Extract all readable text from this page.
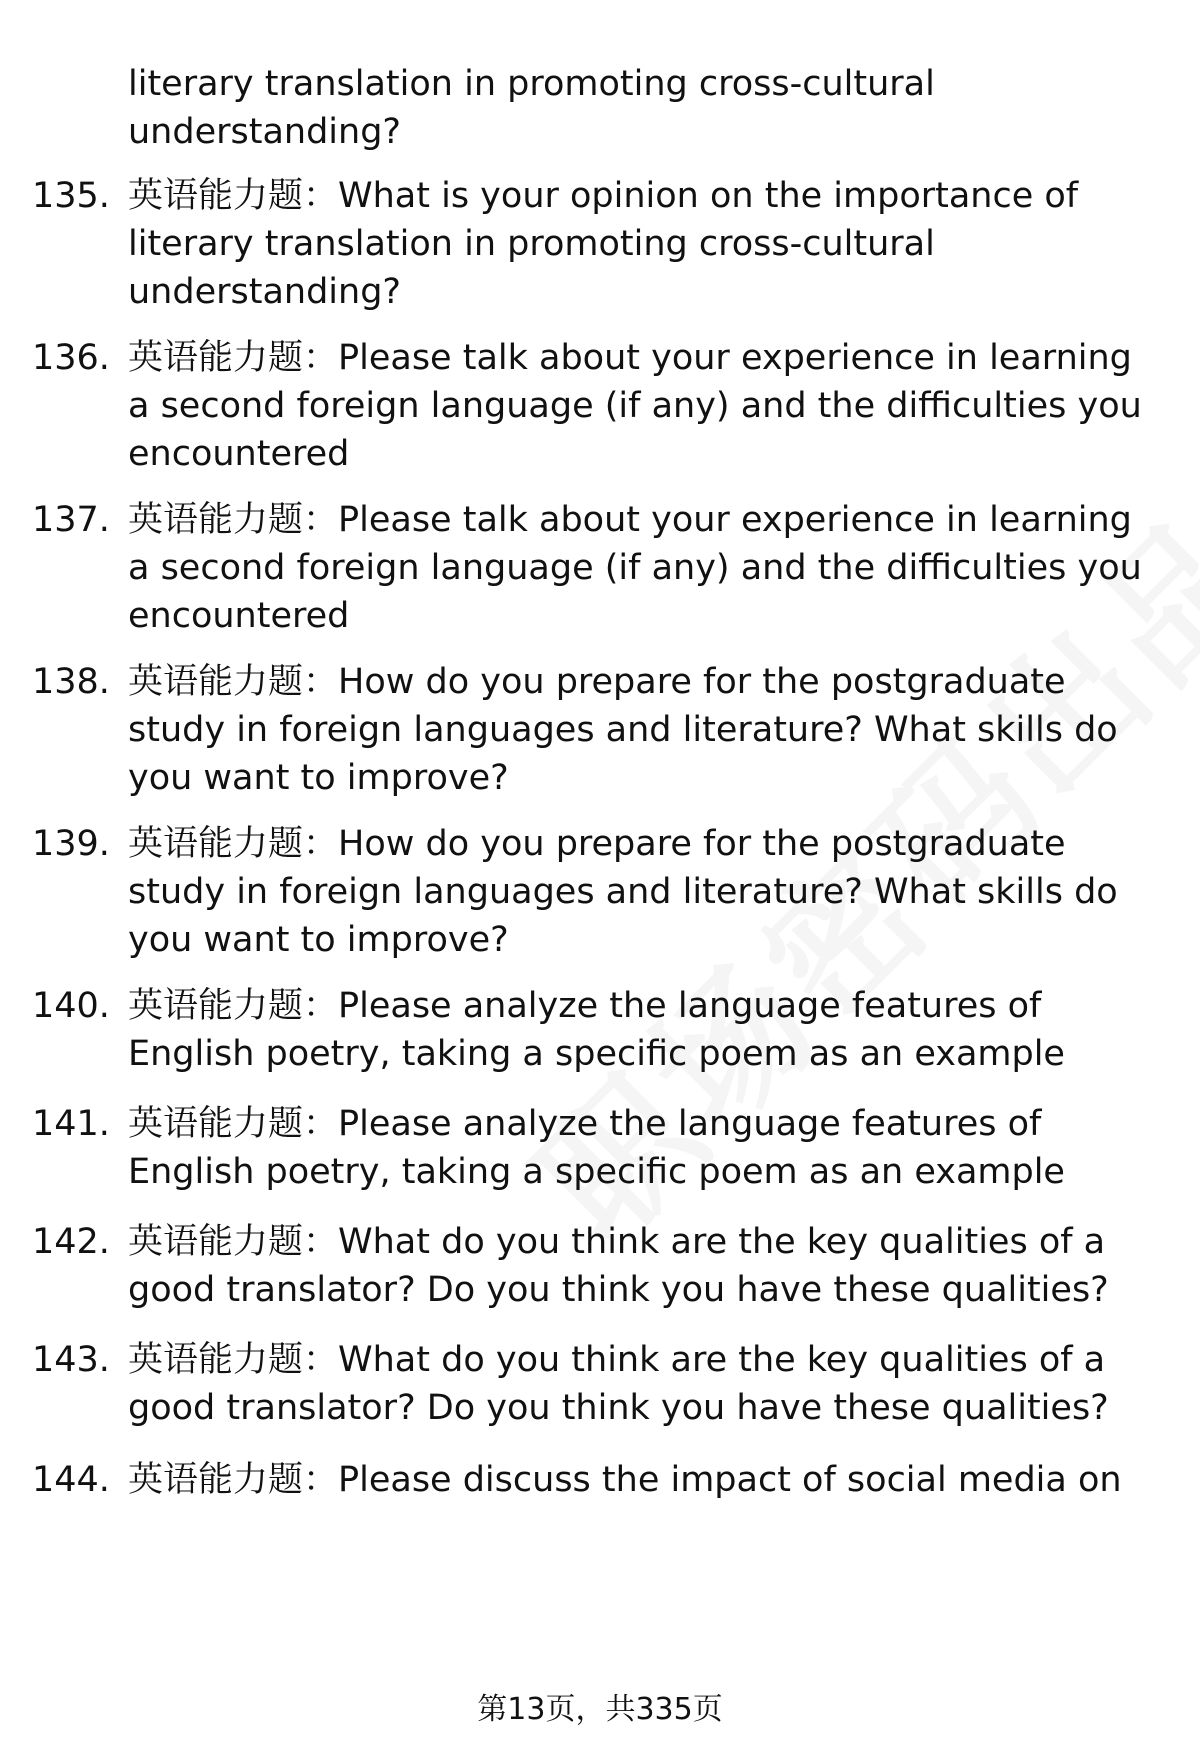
literary translation in promoting cross-cultural understanding?

135. 英语能力题：What is your opinion on the importance of literary translation in promoting cross-cultural understanding?
136. 英语能力题：Please talk about your experience in learning a second foreign language (if any) and the difficulties you encountered
137. 英语能力题：Please talk about your experience in learning a second foreign language (if any) and the difficulties you encountered
138. 英语能力题：How do you prepare for the postgraduate study in foreign languages and literature? What skills do you want to improve?
139. 英语能力题：How do you prepare for the postgraduate study in foreign languages and literature? What skills do you want to improve?
140. 英语能力题：Please analyze the language features of English poetry, taking a specific poem as an example
141. 英语能力题：Please analyze the language features of English poetry, taking a specific poem as an example
142. 英语能力题：What do you think are the key qualities of a good translator? Do you think you have these qualities?
143. 英语能力题：What do you think are the key qualities of a good translator? Do you think you have these qualities?
144. 英语能力题：Please discuss the impact of social media on
第13页，共335页
